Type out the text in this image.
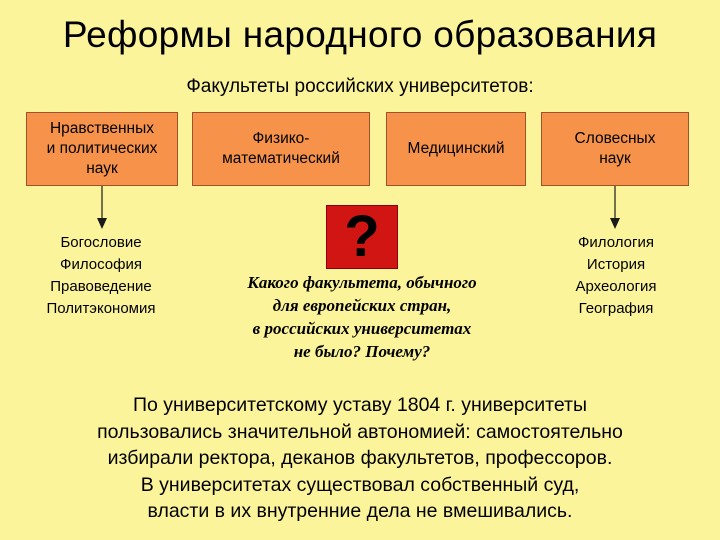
Реформы народного образования
Факультеты российских университетов:
Нравственных
и политических
наук
Физико-
математический
Медицинский
Словесных
наук
Богословие
Философия
Правоведение
Политэкономия
Филология
История
Археология
География
?
Какого факультета, обычного
для европейских стран,
в российских университетах
не было? Почему?
По университетскому уставу 1804 г. университеты
пользовались значительной автономией: самостоятельно
избирали ректора, деканов факультетов, профессоров.
В университетах существовал собственный суд,
власти в их внутренние дела не вмешивались.
